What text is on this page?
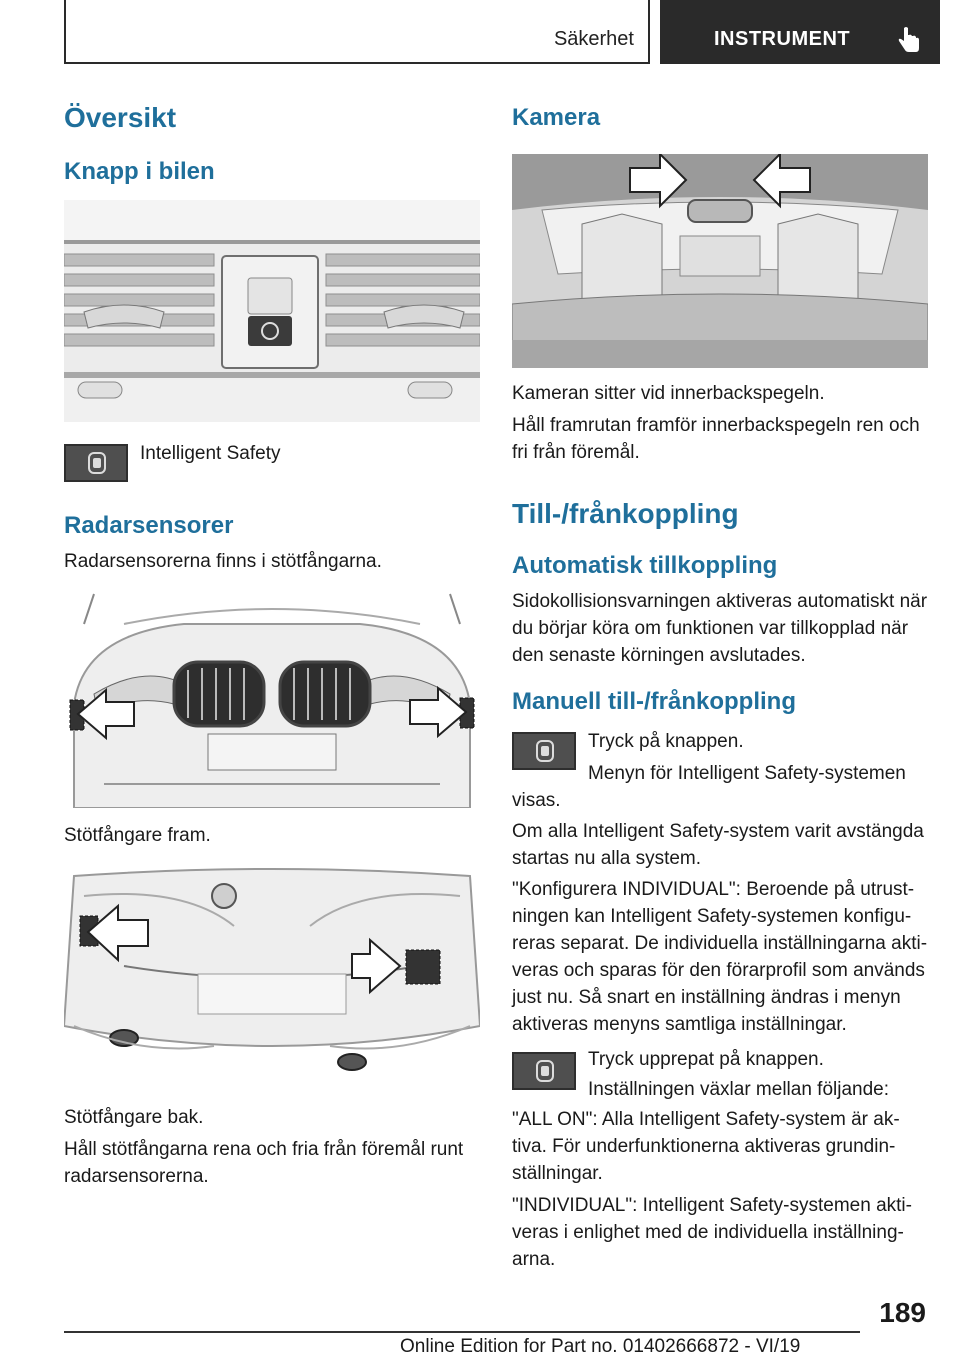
Säkerhet	INSTRUMENT
Översikt
Knapp i bilen
Intelligent Safety
Radarsensorer
Radarsensorerna finns i stötfångarna.
Stötfångare fram.
Stötfångare bak.
Håll stötfångarna rena och fria från föremål runt radarsensorerna.
Kamera
Kameran sitter vid innerbackspegeln.
Håll framrutan framför innerbackspegeln ren och fri från föremål.
Till-/frånkoppling
Automatisk tillkoppling
Sidokollisionsvarningen aktiveras automatiskt när du börjar köra om funktionen var tillkopplad när den senaste körningen avslutades.
Manuell till-/frånkoppling
Tryck på knappen.
Menyn för Intelligent Safety-systemen visas.
Om alla Intelligent Safety-system varit avstängda startas nu alla system.
"Konfigurera INDIVIDUAL": Beroende på utrust-ningen kan Intelligent Safety-systemen konfigu-reras separat. De individuella inställningarna akti-veras och sparas för den förarprofil som används just nu. Så snart en inställning ändras i menyn aktiveras menyns samtliga inställningar.
Tryck upprepat på knappen.
Inställningen växlar mellan följande:
"ALL ON": Alla Intelligent Safety-system är ak-tiva. För underfunktionerna aktiveras grundin-ställningar.
"INDIVIDUAL": Intelligent Safety-systemen akti-veras i enlighet med de individuella inställning-arna.
189
Online Edition for Part no. 01402666872 - VI/19
